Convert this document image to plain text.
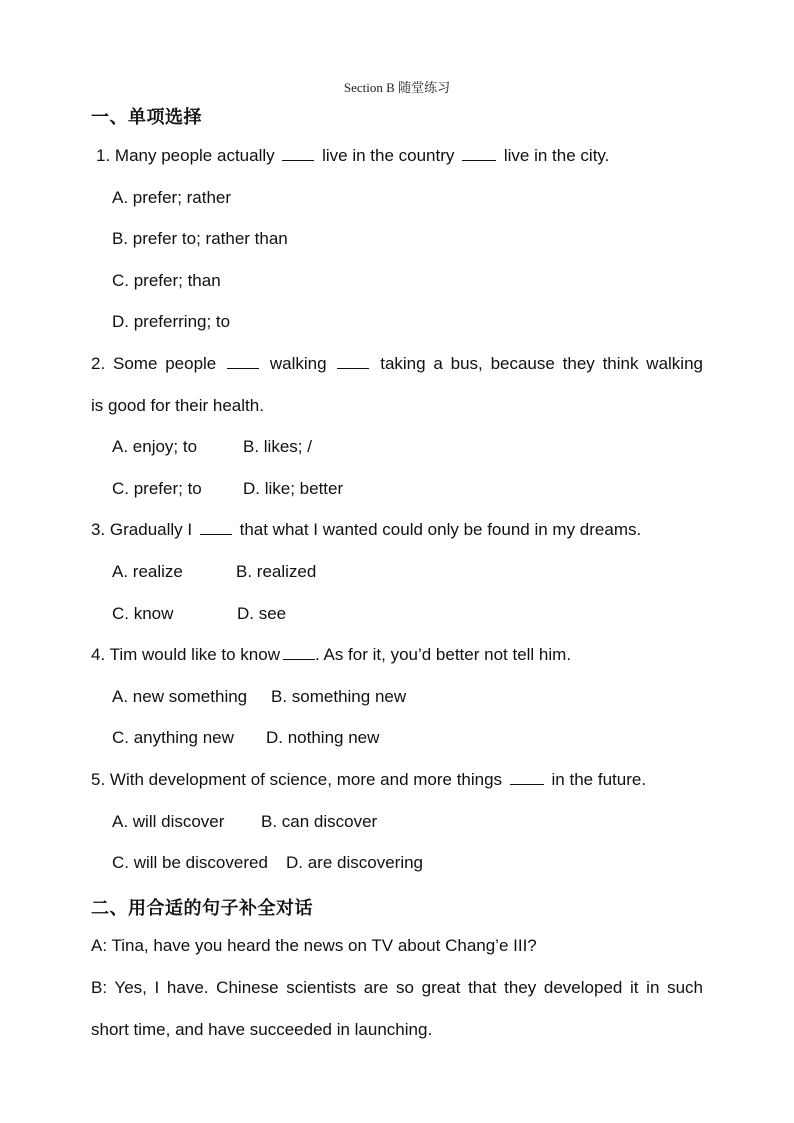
Section B 随堂练习
一、单项选择
1. Many people actually	live in the country	live in the city.
A. prefer; rather
B. prefer to; rather than
C. prefer; than
D. preferring; to
2. Some people	walking	taking a bus, because they think walking
is good for their health.
A. enjoy; to	B. likes; /
C. prefer; to D. like; better
3. Gradually I	that what I wanted could only be found in my dreams.
A. realize	B. realized
C. know	D. see
4. Tim would like to know . As for it, you’d better not tell him.
A. new something B. something new
C. anything new D. nothing new
5. With development of science, more and more things	in the future.
A. will discover B. can discover
C. will be discovered D. are discovering
二、用合适的句子补全对话
A: Tina, have you heard the news on TV about Chang’e III?
B: Yes, I have. Chinese scientists are so great that they developed it in such
short time, and have succeeded in launching.
